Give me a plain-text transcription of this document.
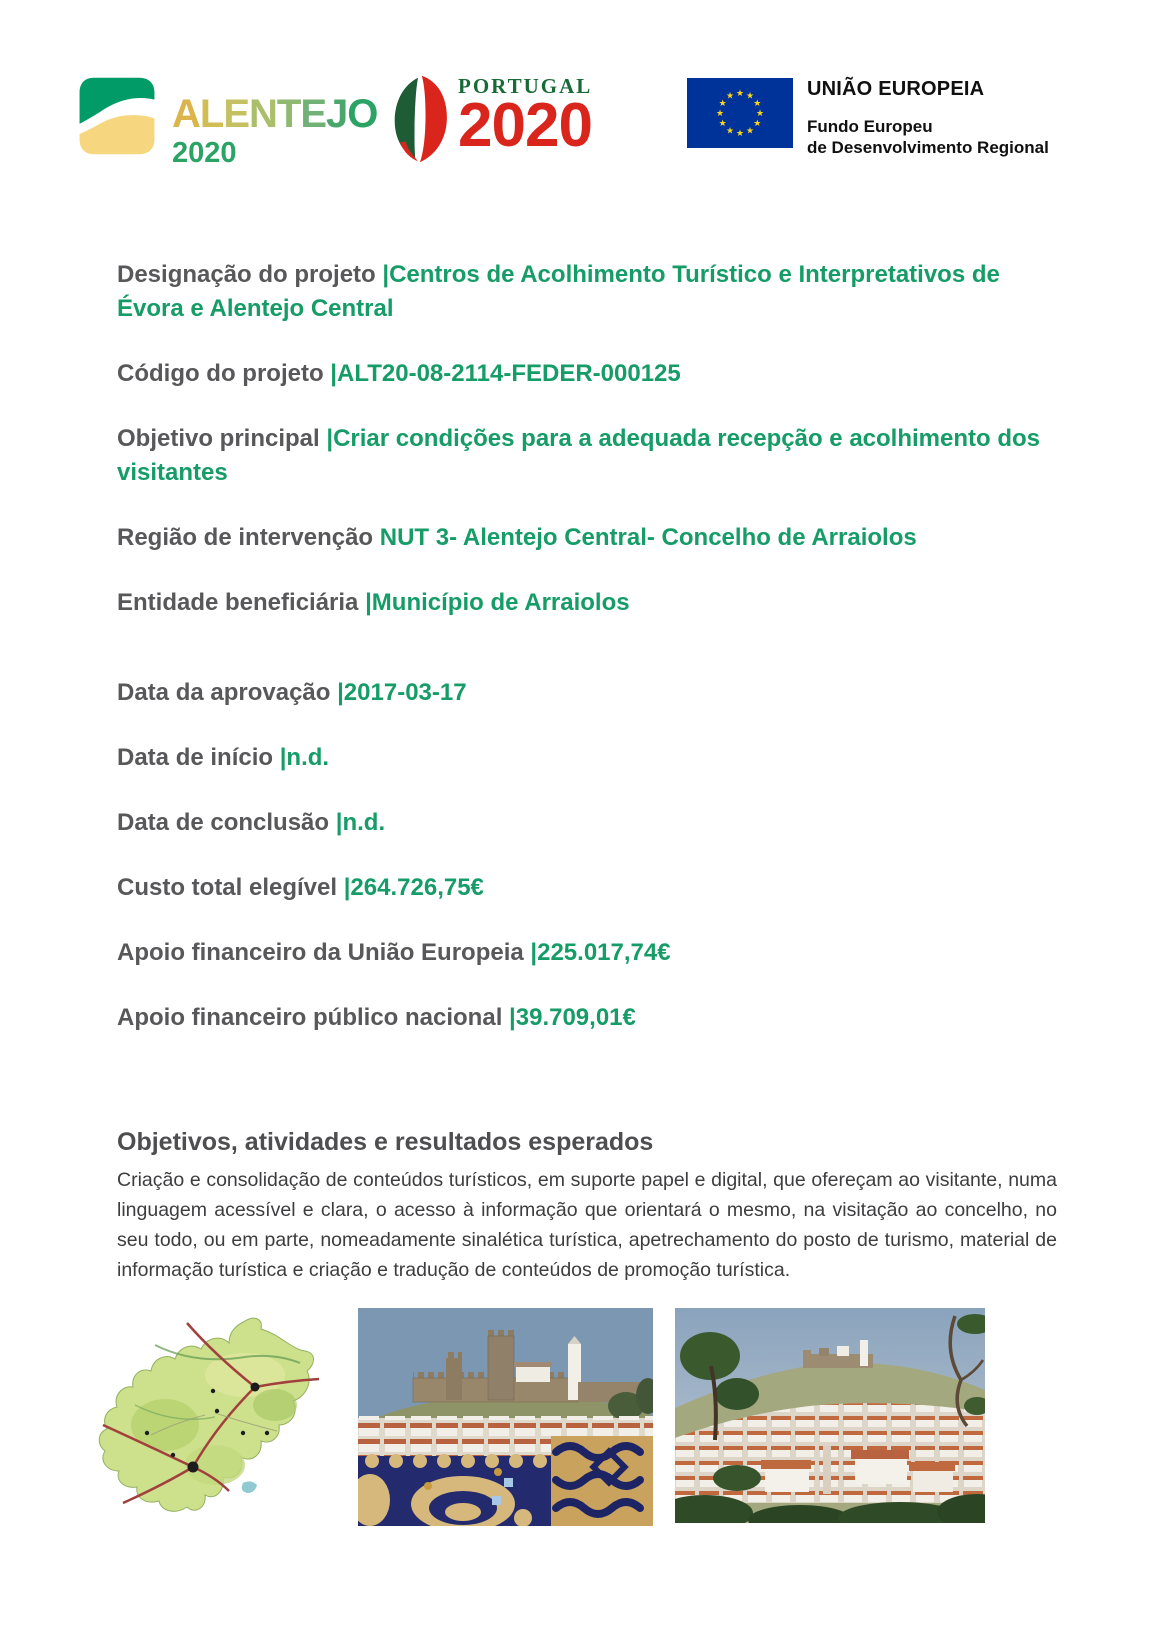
ALENTEJO
2020
PORTUGAL
2020	★ ★
★
★
★
★
★
★
★
★
★
★	UNIÃO EUROPEIA
Fundo Europeu
de Desenvolvimento Regional
Designação do projeto |Centros de Acolhimento Turístico e Interpretativos de Évora e Alentejo Central
Código do projeto |ALT20-08-2114-FEDER-000125
Objetivo principal |Criar condições para a adequada recepção e acolhimento dos visitantes
Região de intervenção NUT 3- Alentejo Central- Concelho de Arraiolos
Entidade beneficiária |Município de Arraiolos
Data da aprovação |2017-03-17
Data de início |n.d.
Data de conclusão |n.d.
Custo total elegível |264.726,75€
Apoio financeiro da União Europeia |225.017,74€
Apoio financeiro público nacional |39.709,01€
Objetivos, atividades e resultados esperados

Criação e consolidação de conteúdos turísticos, em suporte papel e digital, que ofereçam ao visitante, numa linguagem acessível e clara, o acesso à informação que orientará o mesmo, na visitação ao concelho, no seu todo, ou em parte, nomeadamente sinalética turística, apetrechamento do posto de turismo, material de informação turística e criação e tradução de conteúdos de promoção turística.
